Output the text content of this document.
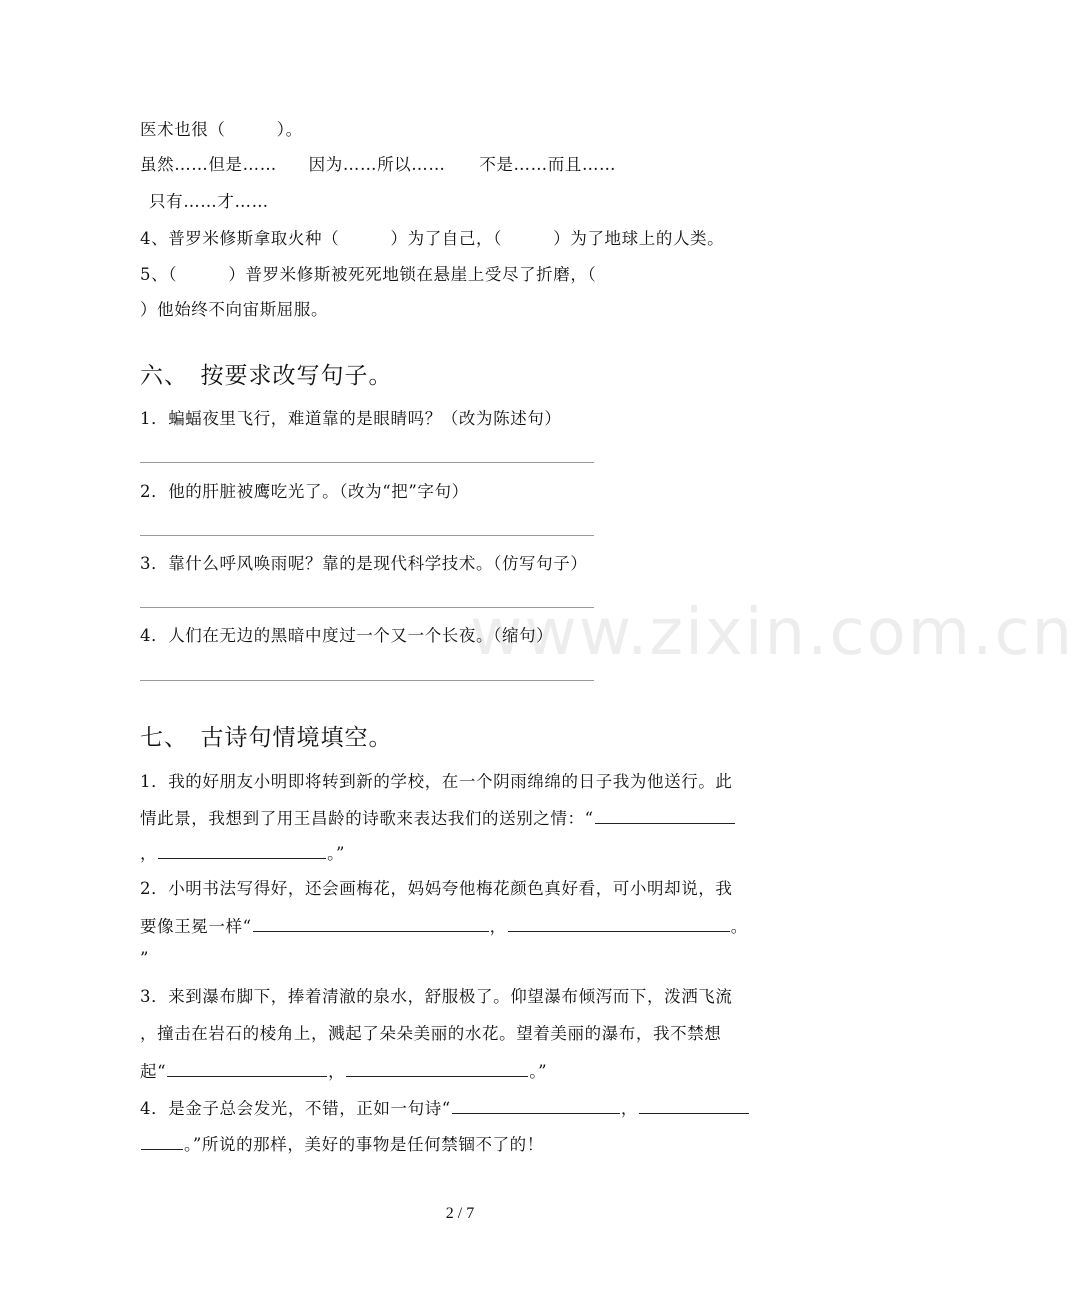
医术也很（　　　）。
虽然……但是…… 因为……所以…… 不是……而且……
只有……才……
4、普罗米修斯拿取火种（　　　）为了自己，（　　　）为了地球上的人类。
5、（　　　）普罗米修斯被死死地锁在悬崖上受尽了折磨，（
）他始终不向宙斯屈服。
六、　按要求改写句子。
1．蝙蝠夜里飞行，难道靠的是眼睛吗？（改为陈述句）
2．他的肝脏被鹰吃光了。（改为“把”字句）
3．靠什么呼风唤雨呢？靠的是现代科学技术。（仿写句子）
4．人们在无边的黑暗中度过一个又一个长夜。（缩句）
七、　古诗句情境填空。
1．我的好朋友小明即将转到新的学校，在一个阴雨绵绵的日子我为他送行。此
情此景，我想到了用王昌龄的诗歌来表达我们的送别之情：“
，	。”
2．小明书法写得好，还会画梅花，妈妈夸他梅花颜色真好看，可小明却说，我
要像王冕一样“	，	。
”
3．来到瀑布脚下，捧着清澈的泉水，舒服极了。仰望瀑布倾泻而下，泼洒飞流
，撞击在岩石的棱角上，溅起了朵朵美丽的水花。望着美丽的瀑布，我不禁想
起“	，	。”
4．是金子总会发光，不错，正如一句诗“	，
。”所说的那样，美好的事物是任何禁锢不了的！
www.zixin.com.cn
2 / 7
